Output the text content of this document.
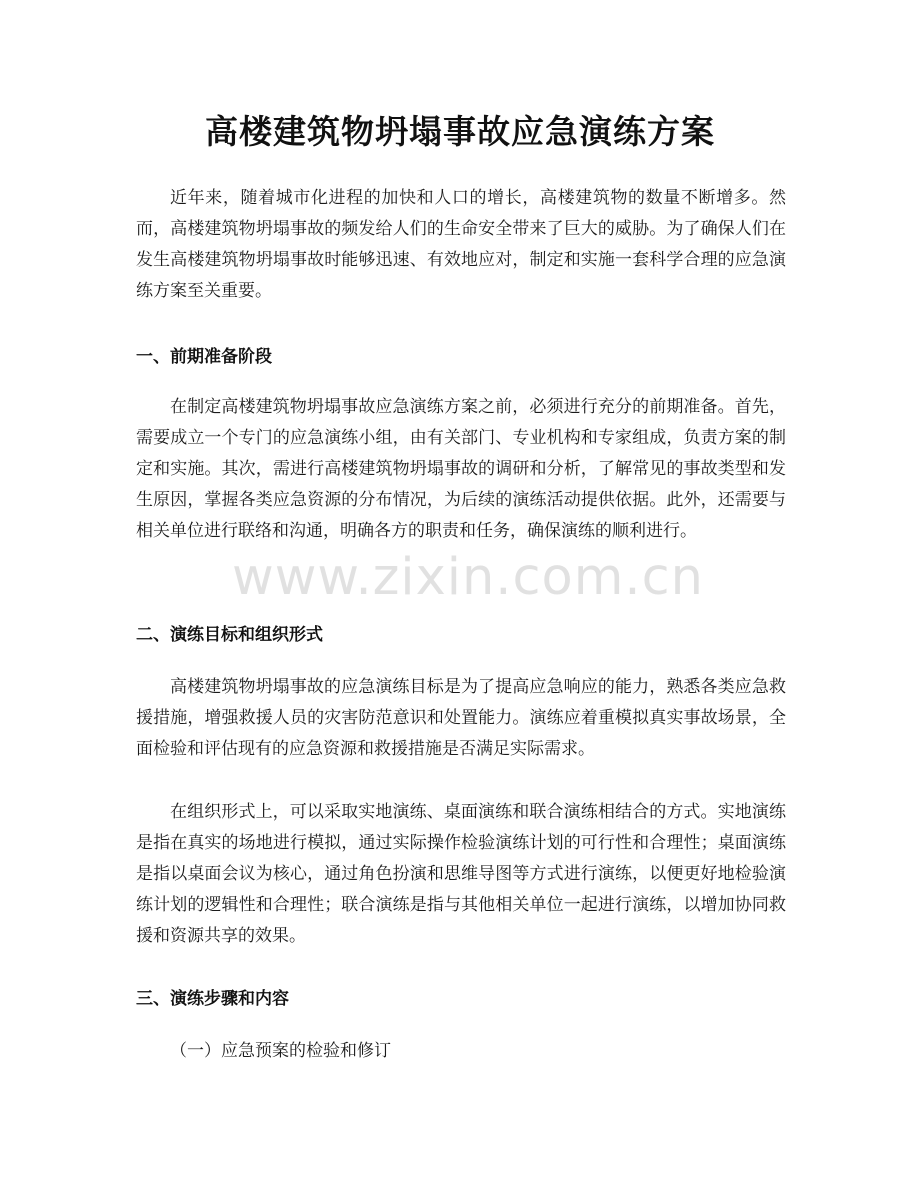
高楼建筑物坍塌事故应急演练方案
近年来，随着城市化进程的加快和人口的增长，高楼建筑物的数量不断增多。然而，高楼建筑物坍塌事故的频发给人们的生命安全带来了巨大的威胁。为了确保人们在发生高楼建筑物坍塌事故时能够迅速、有效地应对，制定和实施一套科学合理的应急演练方案至关重要。
一、前期准备阶段
在制定高楼建筑物坍塌事故应急演练方案之前，必须进行充分的前期准备。首先，需要成立一个专门的应急演练小组，由有关部门、专业机构和专家组成，负责方案的制定和实施。其次，需进行高楼建筑物坍塌事故的调研和分析，了解常见的事故类型和发生原因，掌握各类应急资源的分布情况，为后续的演练活动提供依据。此外，还需要与相关单位进行联络和沟通，明确各方的职责和任务，确保演练的顺利进行。
二、演练目标和组织形式
高楼建筑物坍塌事故的应急演练目标是为了提高应急响应的能力，熟悉各类应急救援措施，增强救援人员的灾害防范意识和处置能力。演练应着重模拟真实事故场景，全面检验和评估现有的应急资源和救援措施是否满足实际需求。
在组织形式上，可以采取实地演练、桌面演练和联合演练相结合的方式。实地演练是指在真实的场地进行模拟，通过实际操作检验演练计划的可行性和合理性；桌面演练是指以桌面会议为核心，通过角色扮演和思维导图等方式进行演练，以便更好地检验演练计划的逻辑性和合理性；联合演练是指与其他相关单位一起进行演练，以增加协同救援和资源共享的效果。
三、演练步骤和内容
（一）应急预案的检验和修订
www.zixin.com.cn
